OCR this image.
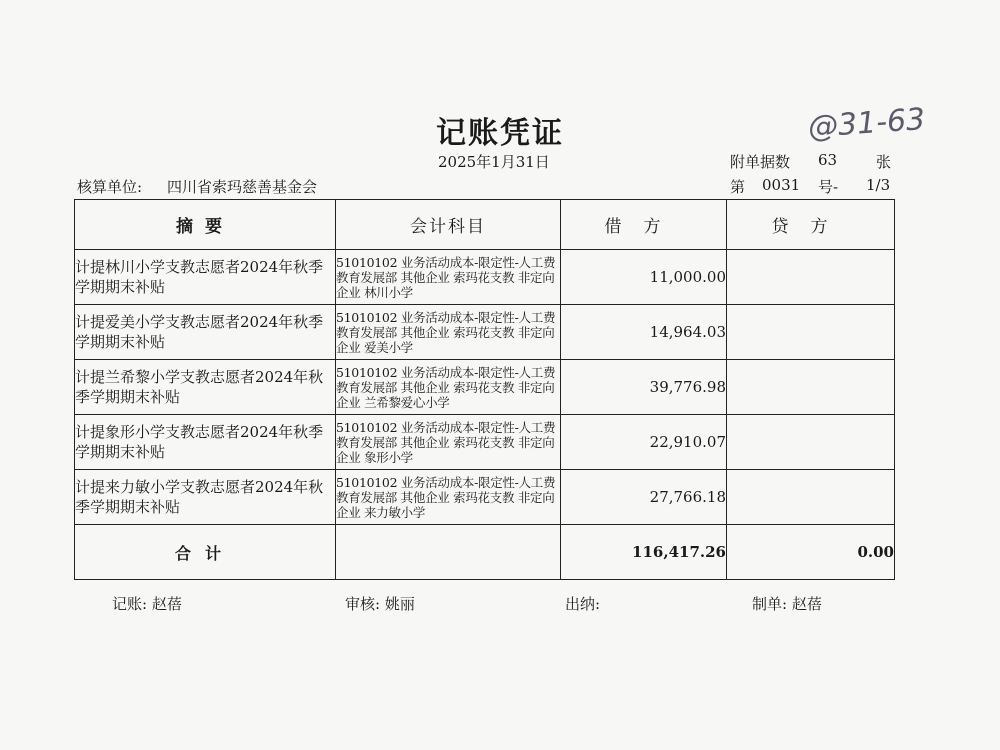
记账凭证	@31-63
2025年1月31日	附单据数 63	张
核算单位: 四川省索玛慈善基金会	第 0031 号- 1/3
摘要	会计科目	借方	贷方
计提林川小学支教志愿者2024年秋季学期期末补贴	51010102 业务活动成本-限定性-人工费 教育发展部 其他企业 索玛花支教 非定向 企业 林川小学	11,000.00	
计提爱美小学支教志愿者2024年秋季学期期末补贴	51010102 业务活动成本-限定性-人工费 教育发展部 其他企业 索玛花支教 非定向 企业 爱美小学	14,964.03	
计提兰希黎小学支教志愿者2024年秋季学期期末补贴	51010102 业务活动成本-限定性-人工费 教育发展部 其他企业 索玛花支教 非定向 企业 兰希黎爱心小学	39,776.98	
计提象形小学支教志愿者2024年秋季学期期末补贴	51010102 业务活动成本-限定性-人工费 教育发展部 其他企业 索玛花支教 非定向 企业 象形小学	22,910.07	
计提来力敏小学支教志愿者2024年秋季学期期末补贴	51010102 业务活动成本-限定性-人工费 教育发展部 其他企业 索玛花支教 非定向 企业 来力敏小学	27,766.18	
合计		116,417.26	0.00
记账: 赵蓓	审核: 姚丽	出纳:	制单: 赵蓓
